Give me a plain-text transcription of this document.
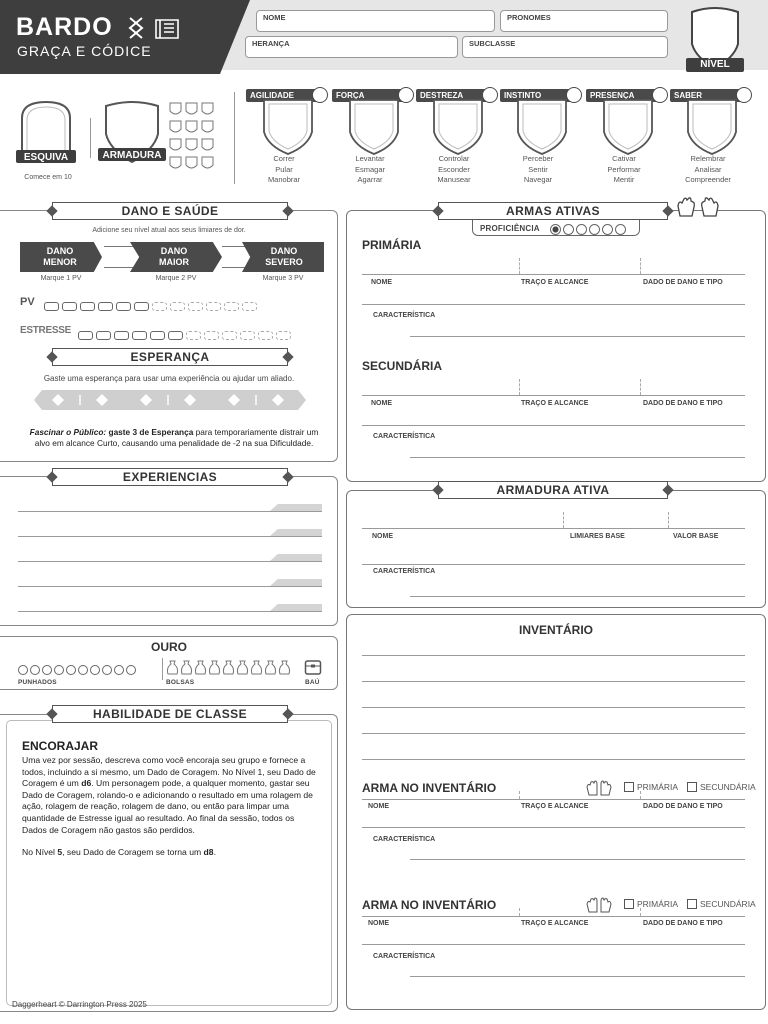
BARDO
GRAÇA E CÓDICE
NOME	PRONOMES
HERANÇA	SUBCLASSE
NÍVEL
ESQUIVA
Comece em 10
ARMADURA
AGILIDADE
Correr
Pular
Manobrar
FORÇA
Levantar
Esmagar
Agarrar
DESTREZA
Controlar
Esconder
Manusear
INSTINTO
Perceber
Sentir
Navegar
PRESENÇA
Cativar
Performar
Mentir
SABER
Relembrar
Analisar
Compreender
DANO E SAÚDE
Adicione seu nível atual aos seus limiares de dor.
DANO MENOR
DANO MAIOR
DANO SEVERO
Marque 1 PV	Marque 2 PV	Marque 3 PV
PV
ESTRESSE
ESPERANÇA
Gaste uma esperança para usar uma experiência ou ajudar um aliado.
Fascinar o Público: gaste 3 de Esperança para temporariamente distrair um alvo em alcance Curto, causando uma penalidade de -2 na sua Dificuldade.
EXPERIENCIAS
OURO
PUNHADOS	BOLSAS	BAÚ
HABILIDADE DE CLASSE
ENCORAJAR
Uma vez por sessão, descreva como você encoraja seu grupo e fornece a todos, incluindo a si mesmo, um Dado de Coragem. No Nível 1, seu Dado de Coragem é um d6. Um personagem pode, a qualquer momento, gastar seu Dado de Coragem, rolando-o e adicionando o resultado em uma rolagem de ação, rolagem de reação, rolagem de dano, ou então para limpar uma quantidade de Estresse igual ao resultado. Ao final da sessão, todos os Dados de Coragem não gastos são perdidos.
No Nível 5, seu Dado de Coragem se torna um d8.
Daggerheart © Darrington Press 2025
ARMAS ATIVAS
PROFICIÊNCIA
PRIMÁRIA
NOME	TRAÇO E ALCANCE	DADO DE DANO E TIPO
CARACTERÍSTICA
SECUNDÁRIA
NOME	TRAÇO E ALCANCE	DADO DE DANO E TIPO
CARACTERÍSTICA
ARMADURA ATIVA
NOME	LIMIARES BASE	VALOR BASE
CARACTERÍSTICA
INVENTÁRIO
ARMA NO INVENTÁRIO	PRIMÁRIA	SECUNDÁRIA
NOME	TRAÇO E ALCANCE	DADO DE DANO E TIPO
CARACTERÍSTICA
ARMA NO INVENTÁRIO	PRIMÁRIA	SECUNDÁRIA
NOME	TRAÇO E ALCANCE	DADO DE DANO E TIPO
CARACTERÍSTICA
